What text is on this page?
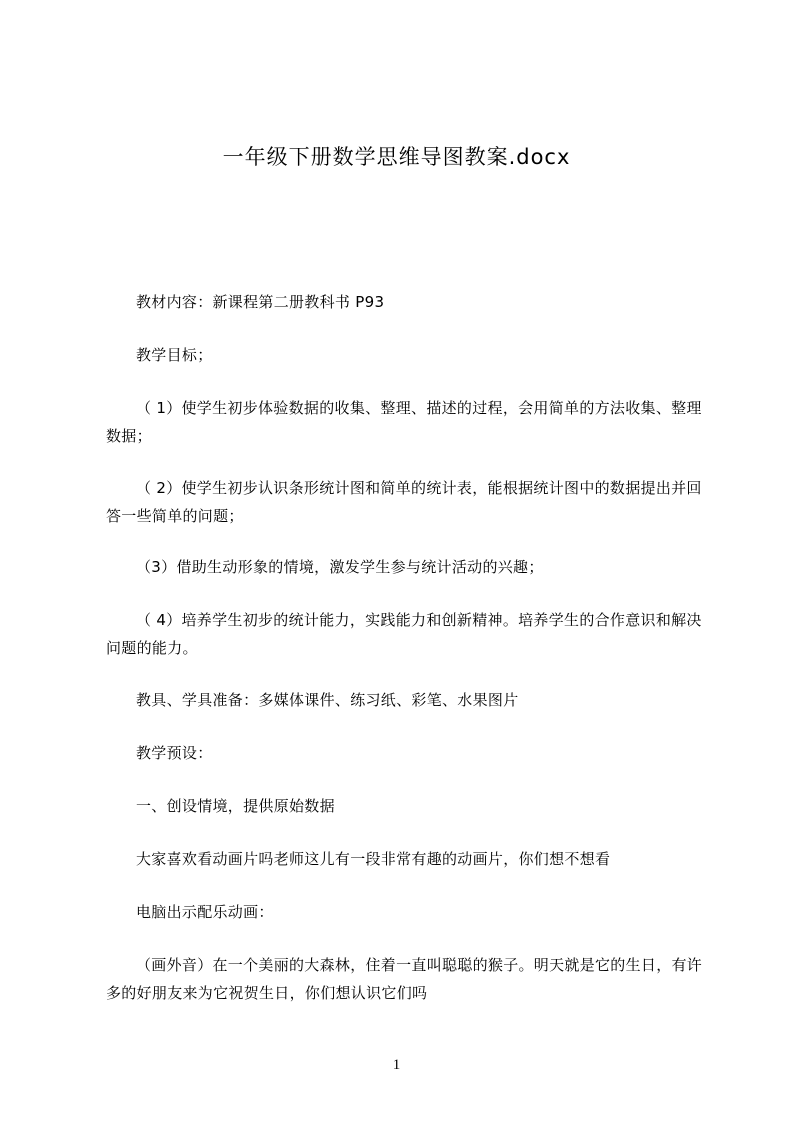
一年级下册数学思维导图教案.docx
教材内容：新课程第二册教科书 P93
教学目标；
（ 1）使学生初步体验数据的收集、整理、描述的过程，会用简单的方法收集、整理数据；
（ 2）使学生初步认识条形统计图和简单的统计表，能根据统计图中的数据提出并回答一些简单的问题；
（3）借助生动形象的情境，激发学生参与统计活动的兴趣；
（ 4）培养学生初步的统计能力，实践能力和创新精神。培养学生的合作意识和解决问题的能力。
教具、学具准备：多媒体课件、练习纸、彩笔、水果图片
教学预设：
一、创设情境，提供原始数据
大家喜欢看动画片吗老师这儿有一段非常有趣的动画片，你们想不想看
电脑出示配乐动画：
（画外音）在一个美丽的大森林，住着一直叫聪聪的猴子。明天就是它的生日，有许多的好朋友来为它祝贺生日，你们想认识它们吗
1
